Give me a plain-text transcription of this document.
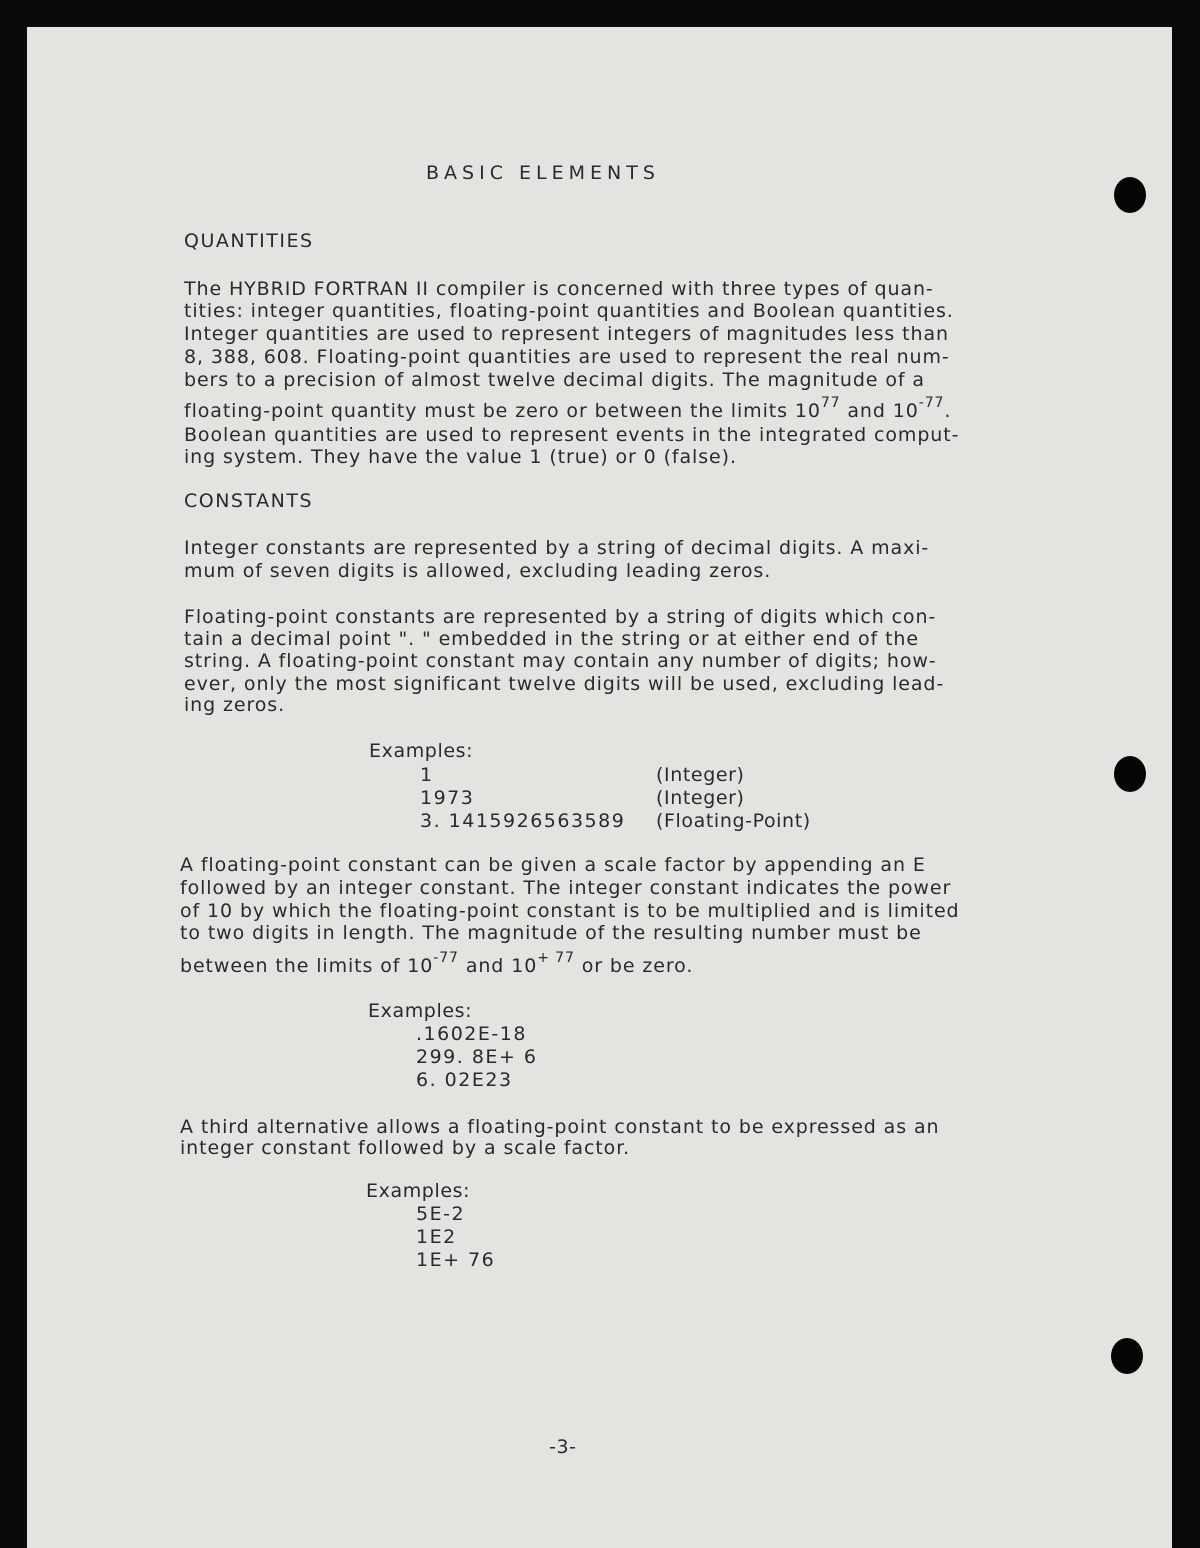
BASIC ELEMENTS
QUANTITIES
The HYBRID FORTRAN II compiler is concerned with three types of quan-
tities: integer quantities, floating-point quantities and Boolean quantities.
Integer quantities are used to represent integers of magnitudes less than
8, 388, 608. Floating-point quantities are used to represent the real num-
bers to a precision of almost twelve decimal digits. The magnitude of a
floating-point quantity must be zero or between the limits $10^{77}$ and $10^{-77}$.
Boolean quantities are used to represent events in the integrated comput-
ing system. They have the value 1 (true) or 0 (false).
CONSTANTS
Integer constants are represented by a string of decimal digits. A maxi-
mum of seven digits is allowed, excluding leading zeros.
Floating-point constants are represented by a string of digits which con-
tain a decimal point ". " embedded in the string or at either end of the
string. A floating-point constant may contain any number of digits; how-
ever, only the most significant twelve digits will be used, excluding lead-
ing zeros.
Examples:
1	(Integer)
1973	(Integer)
3. 1415926563589 (Floating-Point)
A floating-point constant can be given a scale factor by appending an E
followed by an integer constant. The integer constant indicates the power
of 10 by which the floating-point constant is to be multiplied and is limited
to two digits in length. The magnitude of the resulting number must be
between the limits of $10^{-77}$ and $10^{+ 77}$ or be zero.
Examples:
.1602E-18
299. 8E+ 6
6. 02E23
A third alternative allows a floating-point constant to be expressed as an
integer constant followed by a scale factor.
Examples:
5E-2
1E2
1E+ 76
-3-
